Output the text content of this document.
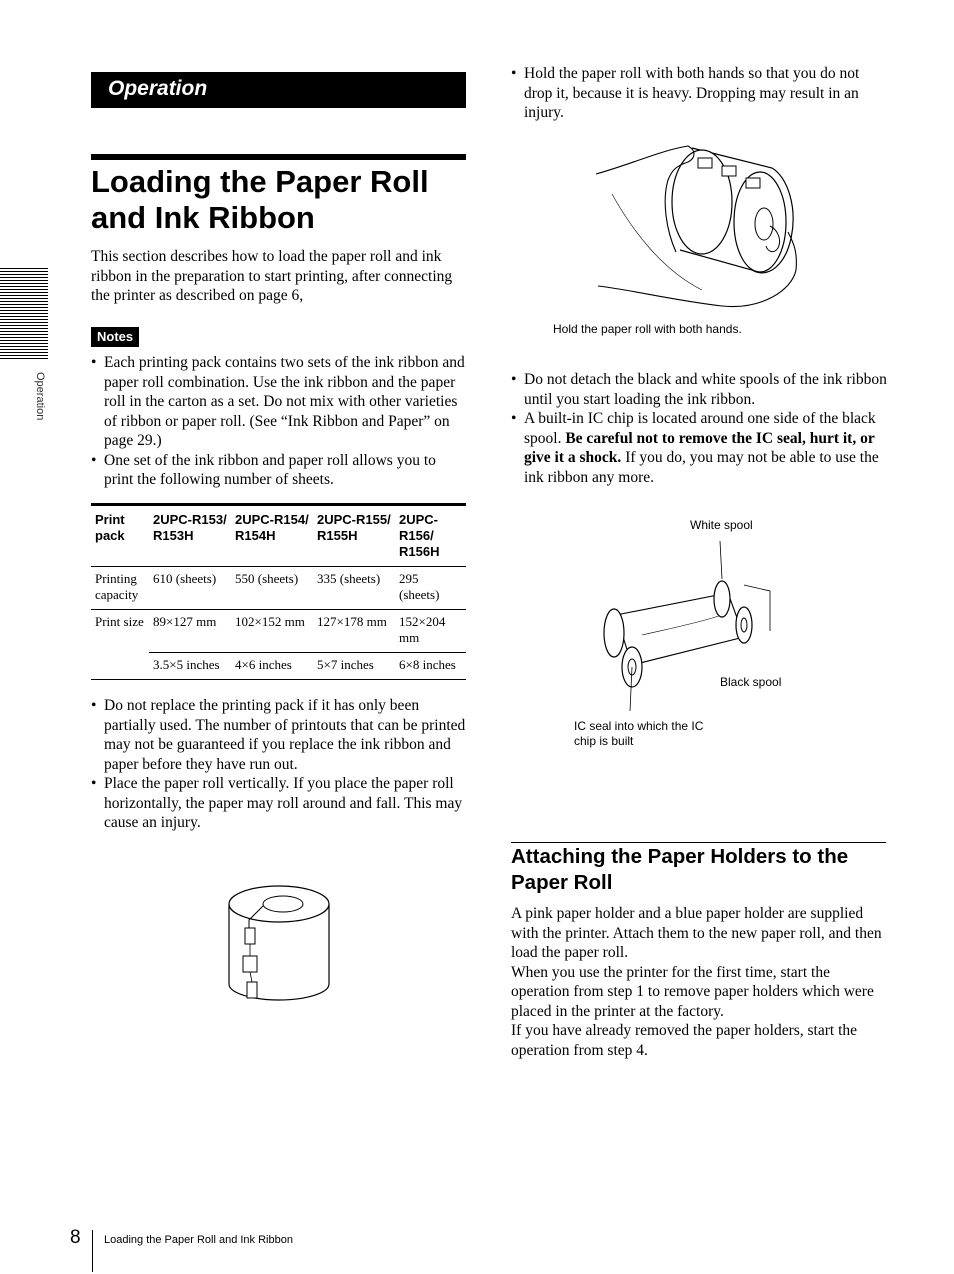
Operation
Operation
Loading the Paper Roll and Ink Ribbon
This section describes how to load the paper roll and ink ribbon in the preparation to start printing, after connecting the printer as described on page 6,
Notes
• Each printing pack contains two sets of the ink ribbon and paper roll combination. Use the ink ribbon and the paper roll in the carton as a set. Do not mix with other varieties of ribbon or paper roll. (See “Ink Ribbon and Paper” on page 29.)
• One set of the ink ribbon and paper roll allows you to print the following number of sheets.
Print pack	2UPC-R153/ R153H	2UPC-R154/ R154H	2UPC-R155/ R155H	2UPC-R156/ R156H
Printing capacity	610 (sheets)	550 (sheets)	335 (sheets)	295 (sheets)
Print size	89×127 mm	102×152 mm	127×178 mm	152×204 mm
	3.5×5 inches	4×6 inches	5×7 inches	6×8 inches
• Do not replace the printing pack if it has only been partially used. The number of printouts that can be printed may not be guaranteed if you replace the ink ribbon and paper before they have run out.
• Place the paper roll vertically. If you place the paper roll horizontally, the paper may roll around and fall. This may cause an injury.
• Hold the paper roll with both hands so that you do not drop it, because it is heavy. Dropping may result in an injury.
Hold the paper roll with both hands.
• Do not detach the black and white spools of the ink ribbon until you start loading the ink ribbon.
• A built-in IC chip is located around one side of the black spool. Be careful not to remove the IC seal, hurt it, or give it a shock. If you do, you may not be able to use the ink ribbon any more.
White spool
Black spool
IC seal into which the IC chip is built
Attaching the Paper Holders to the Paper Roll
A pink paper holder and a blue paper holder are supplied with the printer. Attach them to the new paper roll, and then load the paper roll.
When you use the printer for the first time, start the operation from step 1 to remove paper holders which were placed in the printer at the factory.
If you have already removed the paper holders, start the operation from step 4.
8 Loading the Paper Roll and Ink Ribbon
